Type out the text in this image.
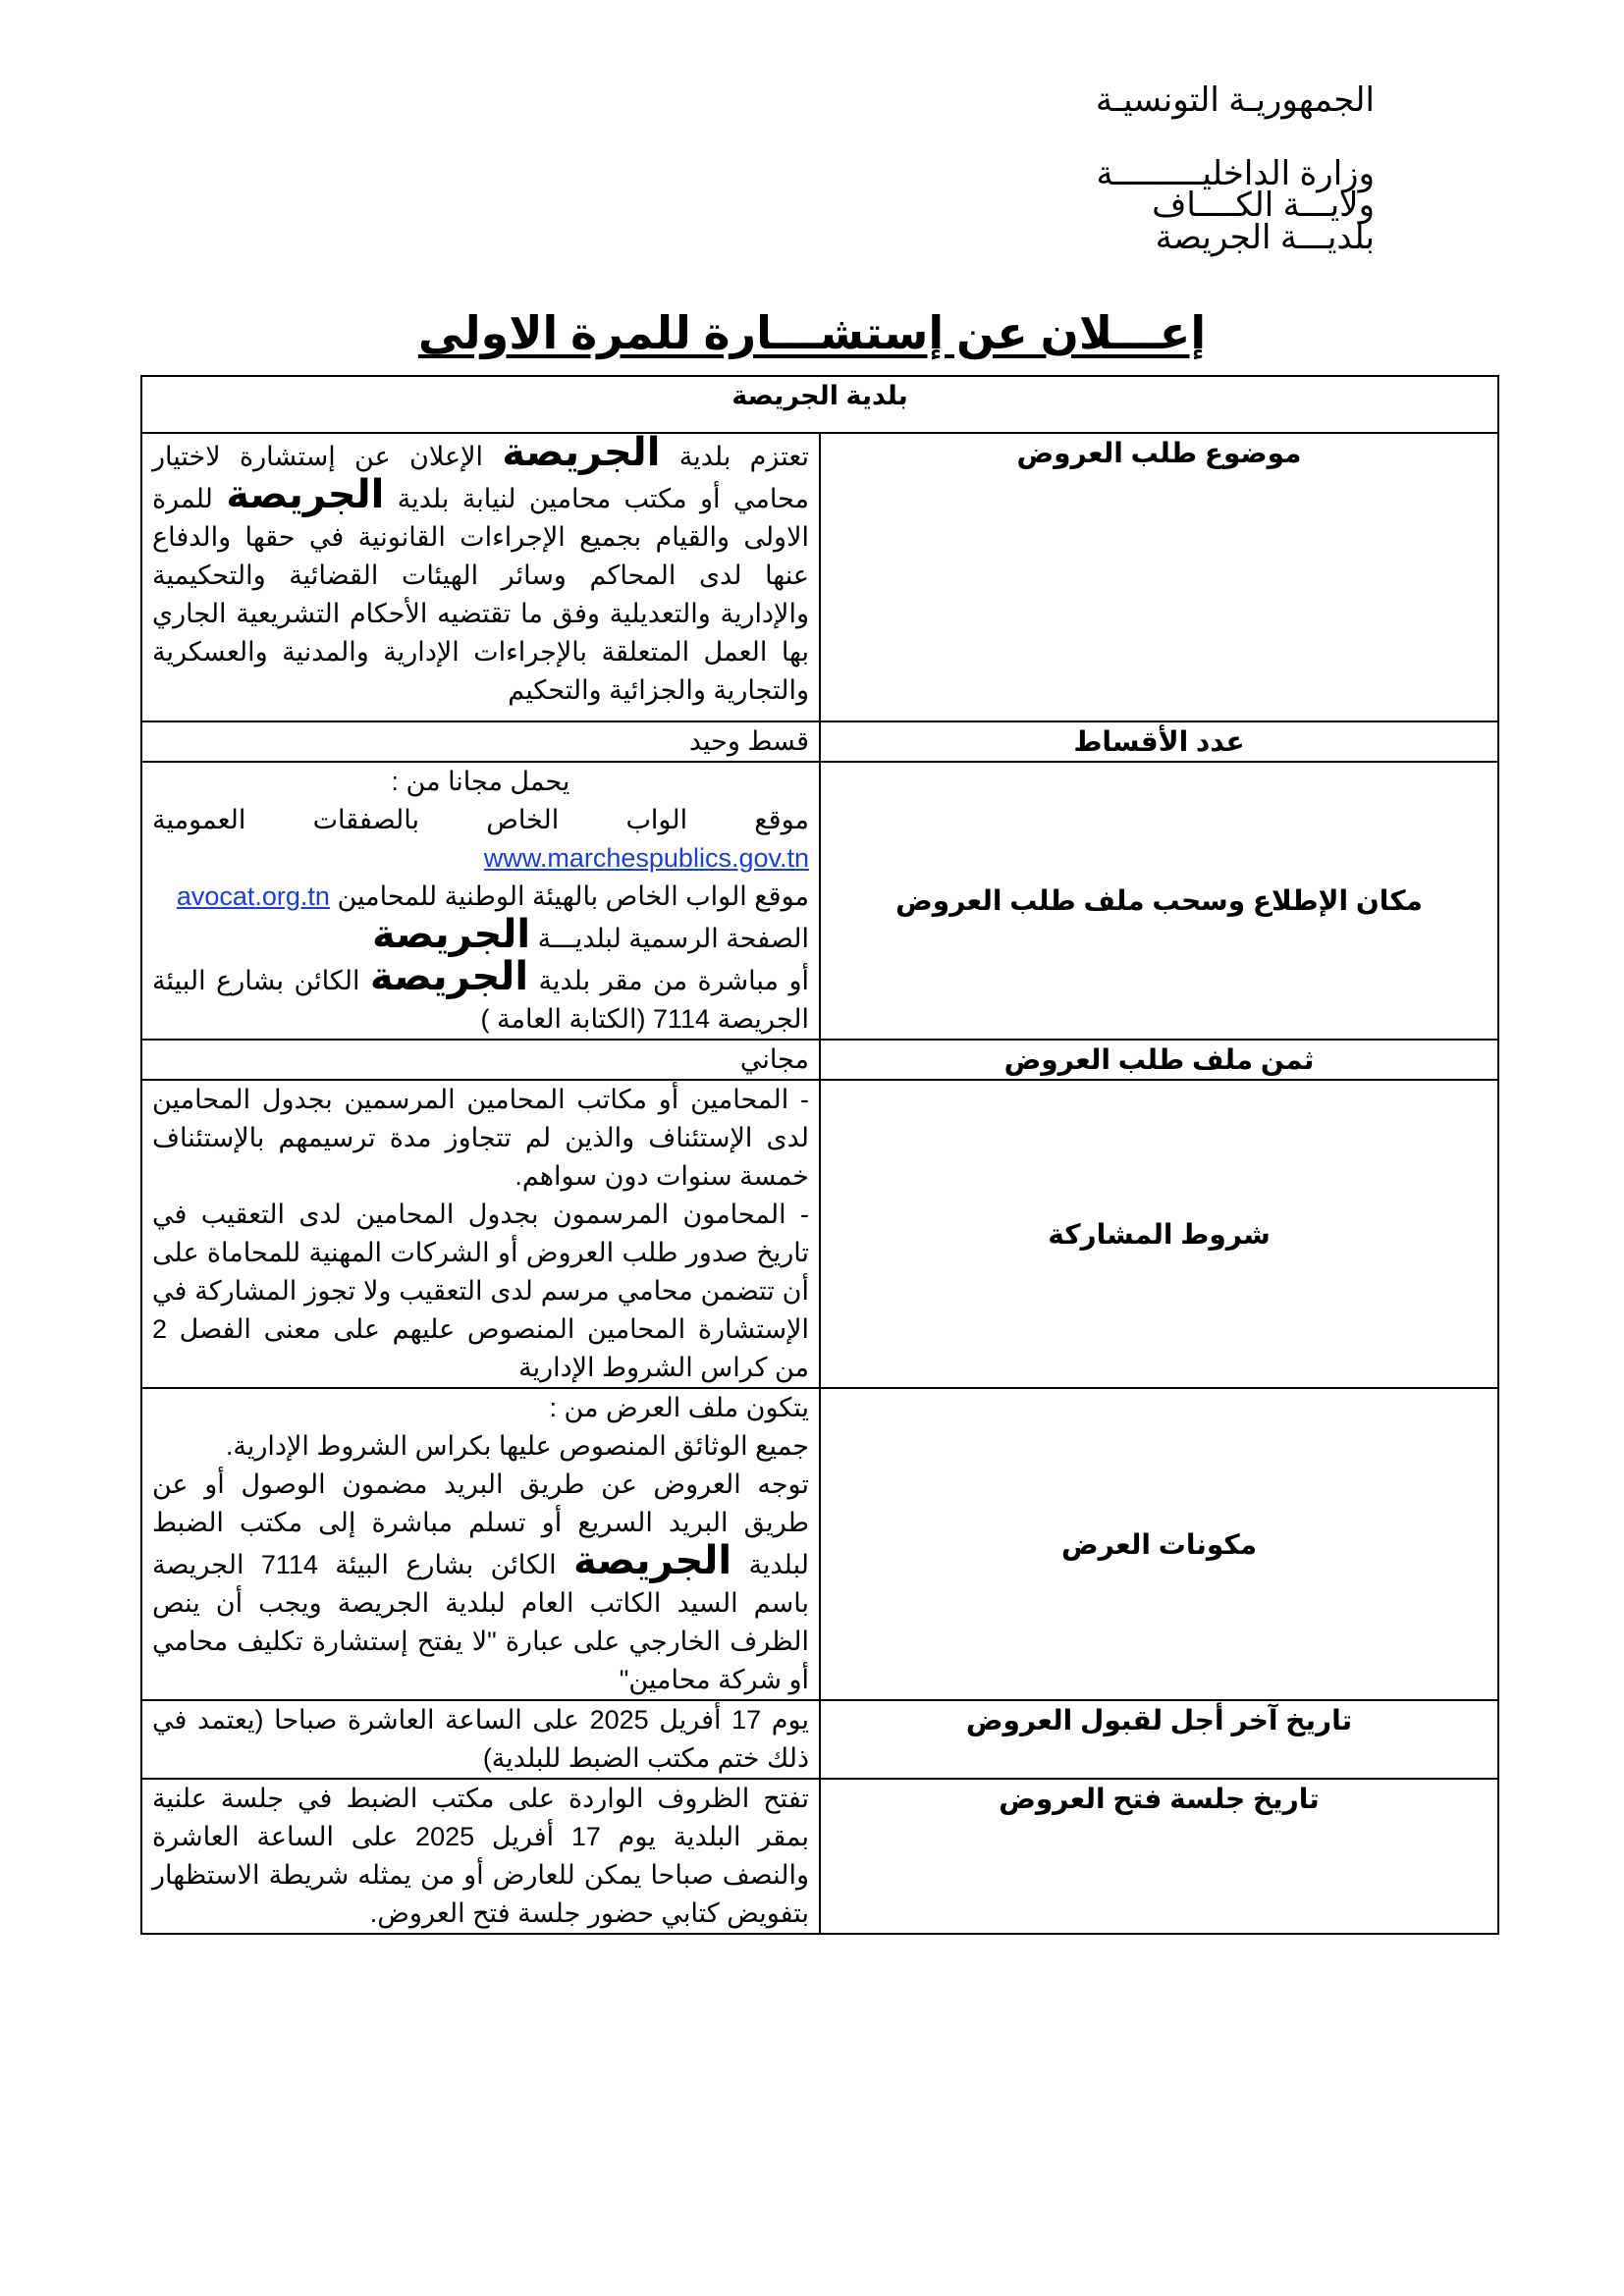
الجمهوريـة التونسيـة
وزارة الداخليـــــــــة
ولايـــة الكــــاف
بلديـــة الجريصة
إعـــلان عن إستشـــارة للمرة الاولى
بلدية الجريصة	
موضوع طلب العروض	تعتزم بلدية الجريصة الإعلان عن إستشارة لاختيار محامي أو مكتب محامين لنيابة بلدية الجريصة للمرة الاولى والقيام بجميع الإجراءات القانونية في حقها والدفاع عنها لدى المحاكم وسائر الهيئات القضائية والتحكيمية والإدارية والتعديلية وفق ما تقتضيه الأحكام التشريعية الجاري بها العمل المتعلقة بالإجراءات الإدارية والمدنية والعسكرية والتجارية والجزائية والتحكيم
عدد الأقساط	قسط وحيد
مكان الإطلاع وسحب ملف طلب العروض	يحمل مجانا من :
موقع الواب الخاص بالصفقات العمومية www.marchespublics.gov.tn
موقع الواب الخاص بالهيئة الوطنية للمحامين avocat.org.tn
الصفحة الرسمية لبلديـــة الجريصة
أو مباشرة من مقر بلدية الجريصة الكائن بشارع البيئة الجريصة 7114 (الكتابة العامة )

ثمن ملف طلب العروض	مجاني
شروط المشاركة	- المحامين أو مكاتب المحامين المرسمين بجدول المحامين لدى الإستئناف والذين لم تتجاوز مدة ترسيمهم بالإستئناف خمسة سنوات دون سواهم.
- المحامون المرسمون بجدول المحامين لدى التعقيب في تاريخ صدور طلب العروض أو الشركات المهنية للمحاماة على أن تتضمن محامي مرسم لدى التعقيب ولا تجوز المشاركة في الإستشارة المحامين المنصوص عليهم على معنى الفصل 2 من كراس الشروط الإدارية

مكونات العرض	يتكون ملف العرض من :
جميع الوثائق المنصوص عليها بكراس الشروط الإدارية.
توجه العروض عن طريق البريد مضمون الوصول أو عن طريق البريد السريع أو تسلم مباشرة إلى مكتب الضبط لبلدية الجريصة الكائن بشارع البيئة 7114 الجريصة باسم السيد الكاتب العام لبلدية الجريصة ويجب أن ينص الظرف الخارجي على عبارة "لا يفتح إستشارة تكليف محامي أو شركة محامين"

تاريخ آخر أجل لقبول العروض	يوم 17 أفريل 2025 على الساعة العاشرة صباحا (يعتمد في ذلك ختم مكتب الضبط للبلدية)
تاريخ جلسة فتح العروض	تفتح الظروف الواردة على مكتب الضبط في جلسة علنية بمقر البلدية يوم 17 أفريل 2025 على الساعة العاشرة والنصف صباحا يمكن للعارض أو من يمثله شريطة الاستظهار بتفويض كتابي حضور جلسة فتح العروض.
